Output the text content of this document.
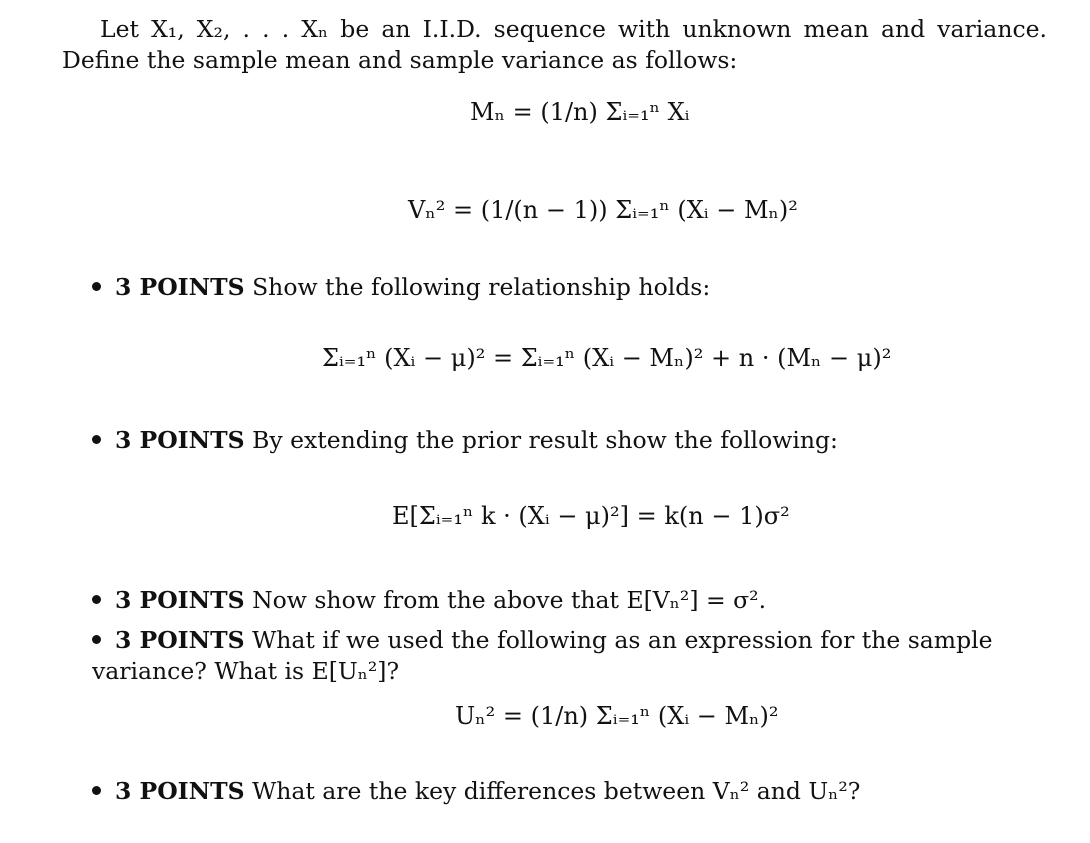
Let X₁, X₂, . . . Xₙ be an I.I.D. sequence with unknown mean and variance. Define the sample mean and sample variance as follows:

Mₙ = (1/n) Σᵢ₌₁ⁿ Xᵢ
Vₙ² = (1/(n − 1)) Σᵢ₌₁ⁿ (Xᵢ − Mₙ)²
3 POINTS Show the following relationship holds:
Σᵢ₌₁ⁿ (Xᵢ − μ)² = Σᵢ₌₁ⁿ (Xᵢ − Mₙ)² + n · (Mₙ − μ)²
3 POINTS By extending the prior result show the following:
E[Σᵢ₌₁ⁿ k · (Xᵢ − μ)²] = k(n − 1)σ²
3 POINTS Now show from the above that E[Vₙ²] = σ².
3 POINTS What if we used the following as an expression for the sample variance? What is E[Uₙ²]?
Uₙ² = (1/n) Σᵢ₌₁ⁿ (Xᵢ − Mₙ)²
3 POINTS What are the key differences between Vₙ² and Uₙ²?
